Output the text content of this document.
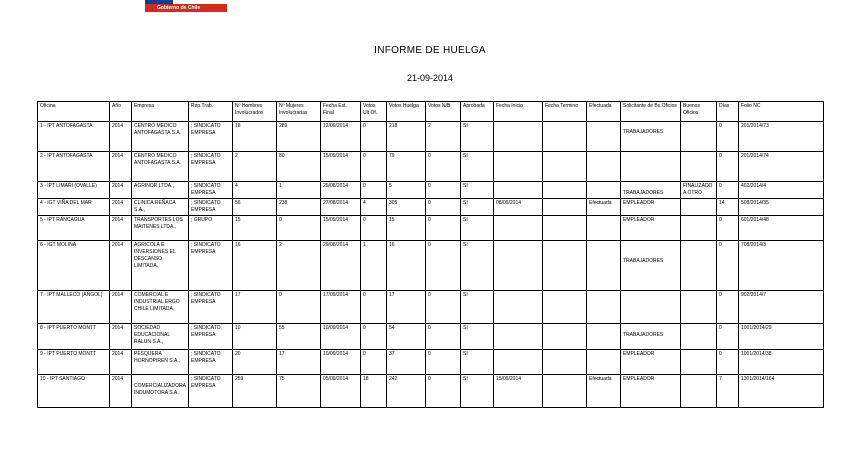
Gobierno de Chile
INFORME DE HUELGA
21-09-2014
Oficina	Año	Empresa	Rep.Trab.	Nº Hombres Involucrados	Nº Mujeres Involucradas	Fecha Est. Final	Votos Ult.Of.	Votos Huelga	Votos N/B	Aprobada	Fecha Inicio	Fecha Termino	Efectuada	Solicitante de Bs.Oficios	Buenos Oficios	Días	Folio NC
1 - IPT ANTOFAGASTA	2014	CENTRO MEDICO ANTOFAGASTA S.A.	; SINDICATO EMPRESA	18	289	12/09/2014	0	218	2	SI				TRABAJADORES		0	201/2014/73
2 - IPT ANTOFAGASTA	2014	CENTRO MEDICO ANTOFAGASTA S.A.	; SINDICATO EMPRESA	2	80	15/09/2014	0	79	0	SI						0	201/2014/74
3 - IPT LIMARI (OVALLE)	2014	AGRINOR LTDA.,	; SINDICATO EMPRESA	4	1	29/08/2014	0	5	0	SI				TRABAJADORES	FINALIZADO A OTRO	0	402/2014/4
4 - IGT VIÑA DEL MAR	2014	CLINICA REÑACA S.A.,	; SINDICATO EMPRESA	56	238	27/08/2014	4	305	0	SI	08/09/2014		Efectuada	EMPLEADOR		14	508/2014/35
5 - IPT RANCAGUA	2014	TRANSPORTES LOS MAITENES LTDA.,	; GRUPO	15	0	15/09/2014	0	15	0	SI				EMPLEADOR		0	601/2014/48
6 - IGT MOLINA	2014	AGRICOLA E INVERSIONES EL DESCANSO LIMITADA,	; SINDICATO EMPRESA	16	2	29/08/2014	1	16	0	SI				TRABAJADORES		0	708/2014/3
7 - IPT MALLECO (ANGOL)	2014	COMERCIAL E INDUSTRIAL ERGO CHILE LIMITADA,	; SINDICATO EMPRESA	17	0	17/09/2014	0	17	0	SI						0	902/2014/7
8 - IPT PUERTO MONTT	2014	SOCIEDAD EDUCACIONAL RALUN S.A.,	; SINDICATO EMPRESA	10	55	10/09/2014	0	54	0	SI				TRABAJADORES		0	1001/2014/29
9 - IPT PUERTO MONTT	2014	PESQUERA HORNOPIREN S.A.,	; SINDICATO EMPRESA	20	17	10/09/2014	0	37	0	SI				EMPLEADOR		0	1001/2014/38
10 - IPT SANTIAGO	2014	COMERCIALIZADORA INDUMOTORA S.A.	; SINDICATO EMPRESA	259	75	05/09/2014	18	242	0	SI	15/09/2014		Efectuada	EMPLEADOR		7	1301/2014/164
